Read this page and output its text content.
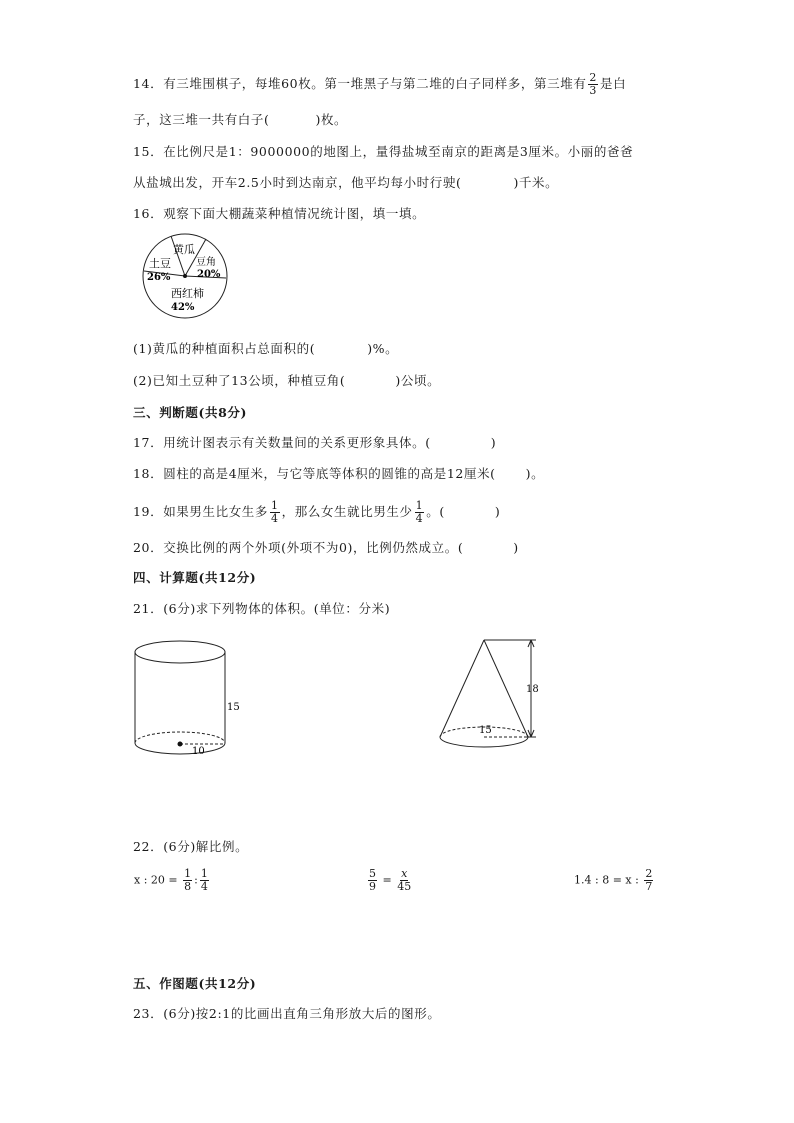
14．有三堆围棋子，每堆60枚。第一堆黑子与第二堆的白子同样多，第三堆有 $\frac{2}{3}$ 是白
子，这三堆一共有白子(	)枚。
15．在比例尺是1：9000000的地图上，量得盐城至南京的距离是3厘米。小丽的爸爸
从盐城出发，开车2.5小时到达南京，他平均每小时行驶(	)千米。
16．观察下面大棚蔬菜种植情况统计图，填一填。
黄瓜
豆角
20%
土豆
26%
西红柿
42%
(1)黄瓜的种植面积占总面积的(	)%。
(2)已知土豆种了13公顷，种植豆角(	)公顷。
三、判断题(共8分)
17．用统计图表示有关数量间的关系更形象具体。(	)
18．圆柱的高是4厘米，与它等底等体积的圆锥的高是12厘米( )。
19．如果男生比女生多 $\frac{1}{4}$ ，那么女生就比男生少 $\frac{1}{4}$ 。(	)
20．交换比例的两个外项(外项不为0)，比例仍然成立。(	)
四、计算题(共12分)
21．(6分)求下列物体的体积。(单位：分米)
10
15
18
15
22．(6分)解比例。
x : $20 = \frac{1}{8}$ : $\frac{1}{4}$	$\frac{5}{9} = \frac{x}{45}$	1.4 : 8 = x : $\frac{2}{7}$
五、作图题(共12分)
23．(6分)按2:1的比画出直角三角形放大后的图形。
